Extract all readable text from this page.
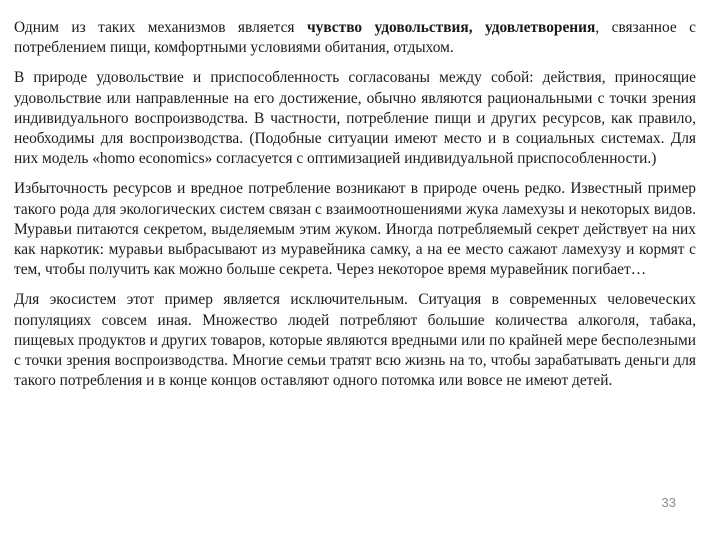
Одним из таких механизмов является чувство удовольствия, удовлетворения, связанное с потреблением пищи, комфортными условиями обитания, отдыхом.

В природе удовольствие и приспособленность согласованы между собой: действия, приносящие удовольствие или направленные на его достижение, обычно являются рациональными с точки зрения индивидуального воспроизводства. В частности, потребление пищи и других ресурсов, как правило, необходимы для воспроизводства. (Подобные ситуации имеют место и в социальных системах. Для них модель «homo economics» согласуется с оптимизацией индивидуальной приспособленности.)

Избыточность ресурсов и вредное потребление возникают в природе очень редко. Известный пример такого рода для экологических систем связан с взаимоотношениями жука ламехузы и некоторых видов. Муравьи питаются секретом, выделяемым этим жуком. Иногда потребляемый секрет действует на них как наркотик: муравьи выбрасывают из муравейника самку, а на ее место сажают ламехузу и кормят с тем, чтобы получить как можно больше секрета. Через некоторое время муравейник погибает…

Для экосистем этот пример является исключительным. Ситуация в современных человеческих популяциях совсем иная. Множество людей потребляют большие количества алкоголя, табака, пищевых продуктов и других товаров, которые являются вредными или по крайней мере бесполезными с точки зрения воспроизводства. Многие семьи тратят всю жизнь на то, чтобы зарабатывать деньги для такого потребления и в конце концов оставляют одного потомка или вовсе не имеют детей.

33
